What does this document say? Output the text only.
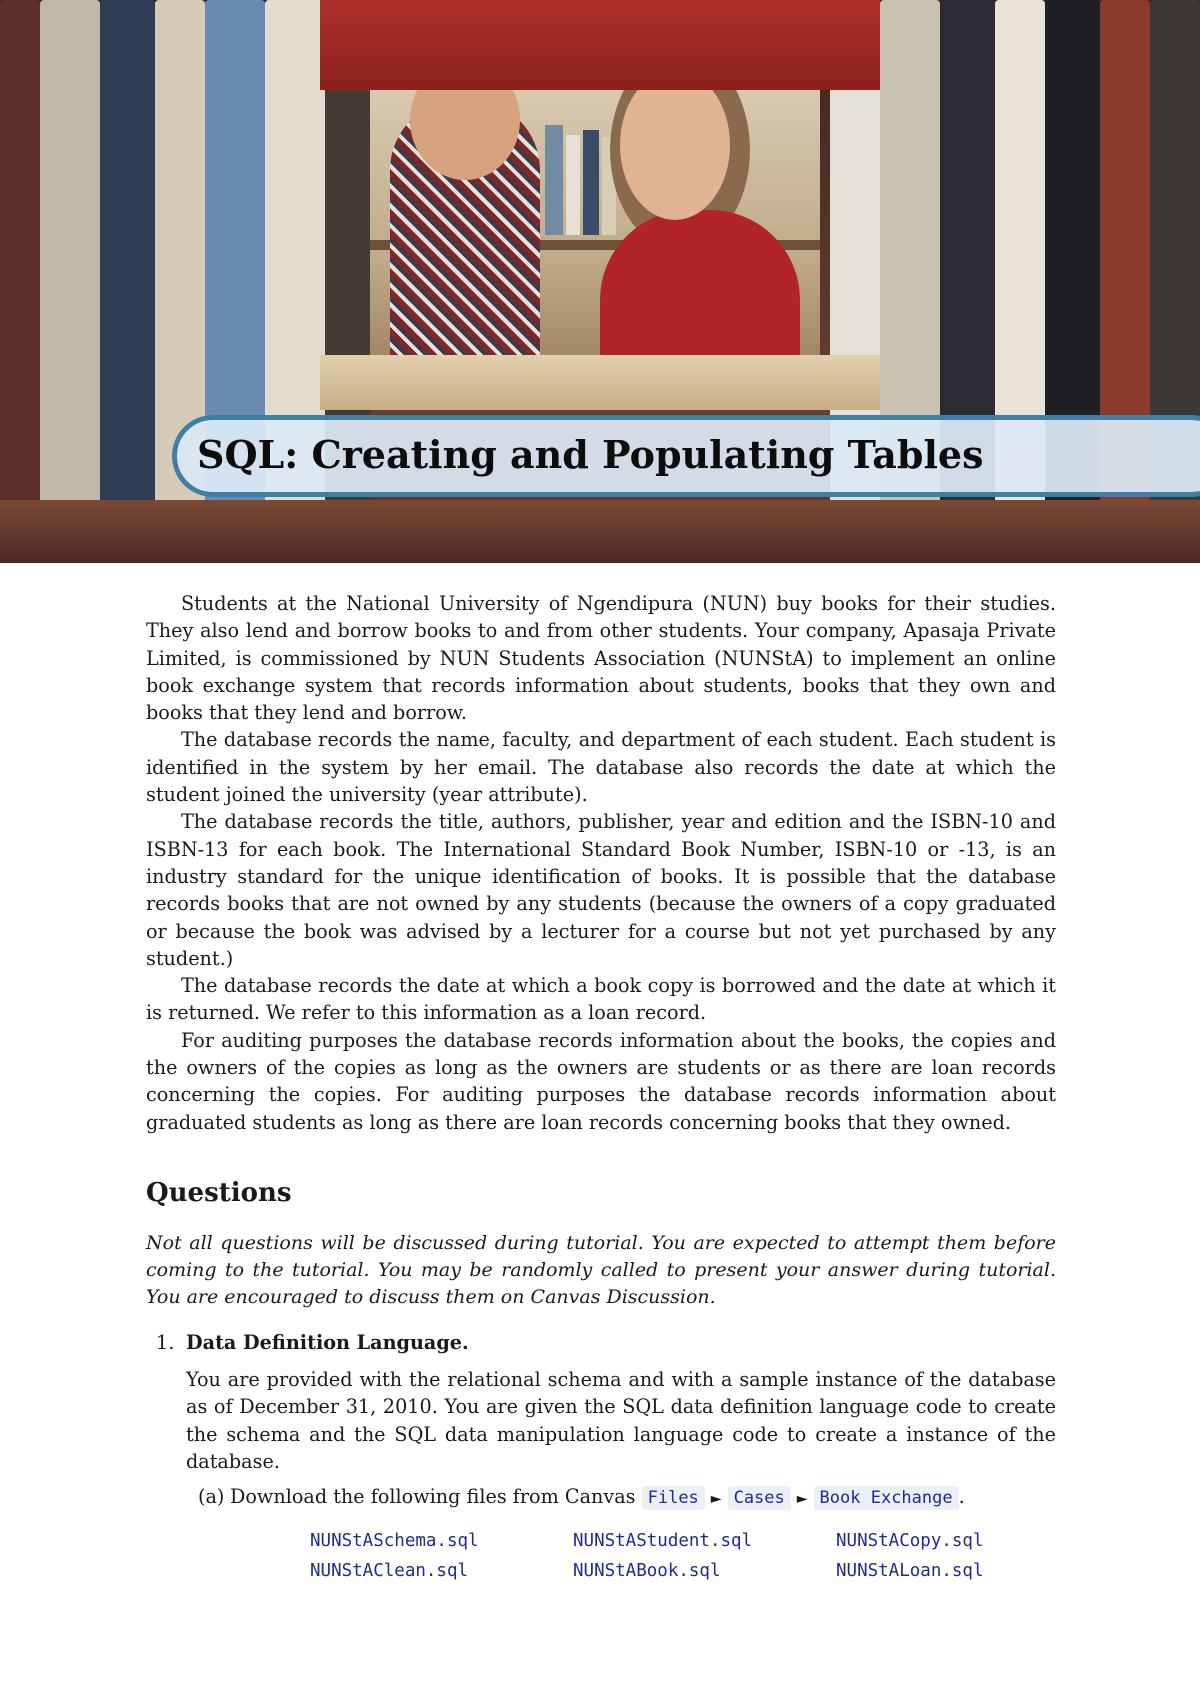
SQL: Creating and Populating Tables

Students at the National University of Ngendipura (NUN) buy books for their studies. They also lend and borrow books to and from other students. Your company, Apasaja Private Limited, is commissioned by NUN Students Association (NUNStA) to implement an online book exchange system that records information about students, books that they own and books that they lend and borrow.

The database records the name, faculty, and department of each student. Each student is identified in the system by her email. The database also records the date at which the student joined the university (year attribute).

The database records the title, authors, publisher, year and edition and the ISBN-10 and ISBN-13 for each book. The International Standard Book Number, ISBN-10 or -13, is an industry standard for the unique identification of books. It is possible that the database records books that are not owned by any students (because the owners of a copy graduated or because the book was advised by a lecturer for a course but not yet purchased by any student.)

The database records the date at which a book copy is borrowed and the date at which it is returned. We refer to this information as a loan record.

For auditing purposes the database records information about the books, the copies and the owners of the copies as long as the owners are students or as there are loan records concerning the copies. For auditing purposes the database records information about graduated students as long as there are loan records concerning books that they owned.

Questions

Not all questions will be discussed during tutorial. You are expected to attempt them before coming to the tutorial. You may be randomly called to present your answer during tutorial. You are encouraged to discuss them on Canvas Discussion.

1. Data Definition Language.

You are provided with the relational schema and with a sample instance of the database as of December 31, 2010. You are given the SQL data definition language code to create the schema and the SQL data manipulation language code to create a instance of the database.

(a) Download the following files from Canvas Files ► Cases ► Book Exchange .
NUNStASchema.sql	NUNStAStudent.sql	NUNStACopy.sql
NUNStAClean.sql	NUNStABook.sql	NUNStALoan.sql
